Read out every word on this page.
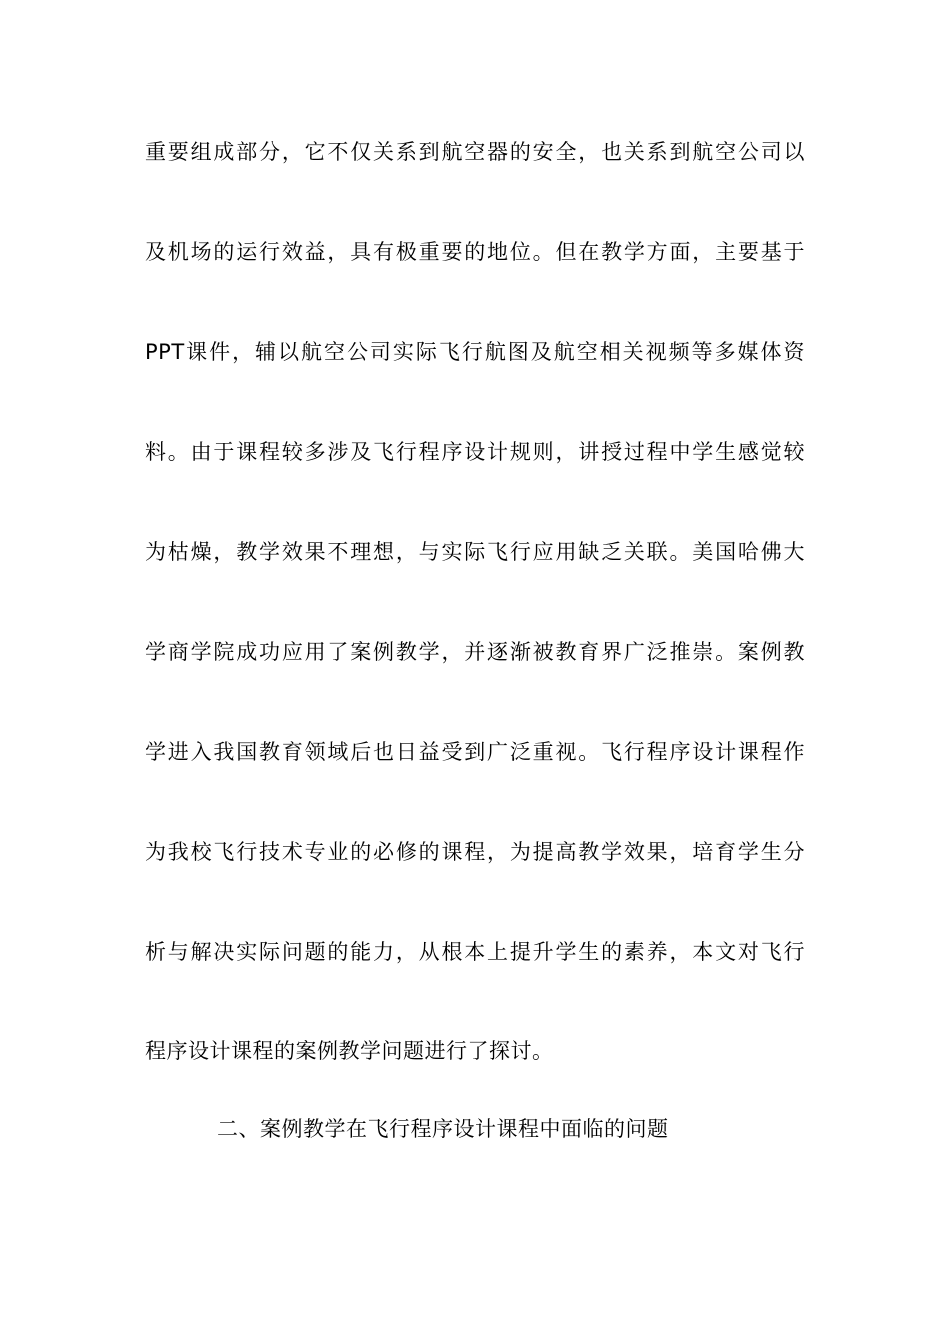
重要组成部分，它不仅关系到航空器的安全，也关系到航空公司以
及机场的运行效益，具有极重要的地位。但在教学方面，主要基于
PPT课件，辅以航空公司实际飞行航图及航空相关视频等多媒体资
料。由于课程较多涉及飞行程序设计规则，讲授过程中学生感觉较
为枯燥，教学效果不理想，与实际飞行应用缺乏关联。美国哈佛大
学商学院成功应用了案例教学，并逐渐被教育界广泛推崇。案例教
学进入我国教育领域后也日益受到广泛重视。飞行程序设计课程作
为我校飞行技术专业的必修的课程，为提高教学效果，培育学生分
析与解决实际问题的能力，从根本上提升学生的素养，本文对飞行
程序设计课程的案例教学问题进行了探讨。
二、案例教学在飞行程序设计课程中面临的问题
